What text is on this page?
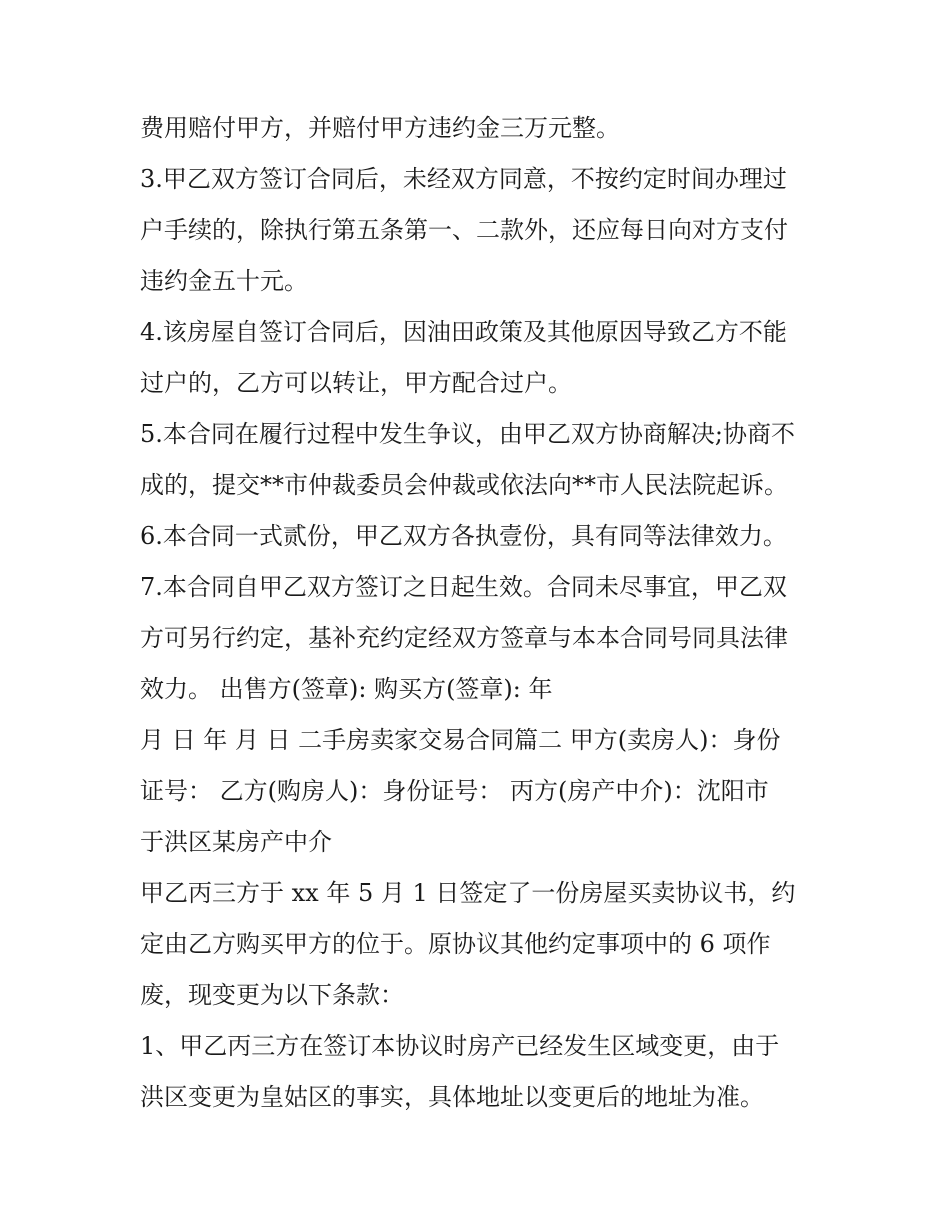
费用赔付甲方，并赔付甲方违约金三万元整。
3.甲乙双方签订合同后，未经双方同意，不按约定时间办理过
户手续的，除执行第五条第一、二款外，还应每日向对方支付
违约金五十元。
4.该房屋自签订合同后，因油田政策及其他原因导致乙方不能
过户的，乙方可以转让，甲方配合过户。
5.本合同在履行过程中发生争议，由甲乙双方协商解决;协商不
成的，提交**市仲裁委员会仲裁或依法向**市人民法院起诉。
6.本合同一式贰份，甲乙双方各执壹份，具有同等法律效力。
7.本合同自甲乙双方签订之日起生效。合同未尽事宜，甲乙双
方可另行约定，基补充约定经双方签章与本本合同号同具法律
效力。 出售方(签章): 购买方(签章): 年
月 日 年 月 日 二手房卖家交易合同篇二 甲方(卖房人)：身份
证号： 乙方(购房人)：身份证号： 丙方(房产中介)：沈阳市
于洪区某房产中介
甲乙丙三方于 xx 年 5 月 1 日签定了一份房屋买卖协议书，约
定由乙方购买甲方的位于。原协议其他约定事项中的 6 项作
废，现变更为以下条款：
1、甲乙丙三方在签订本协议时房产已经发生区域变更，由于
洪区变更为皇姑区的事实，具体地址以变更后的地址为准。
